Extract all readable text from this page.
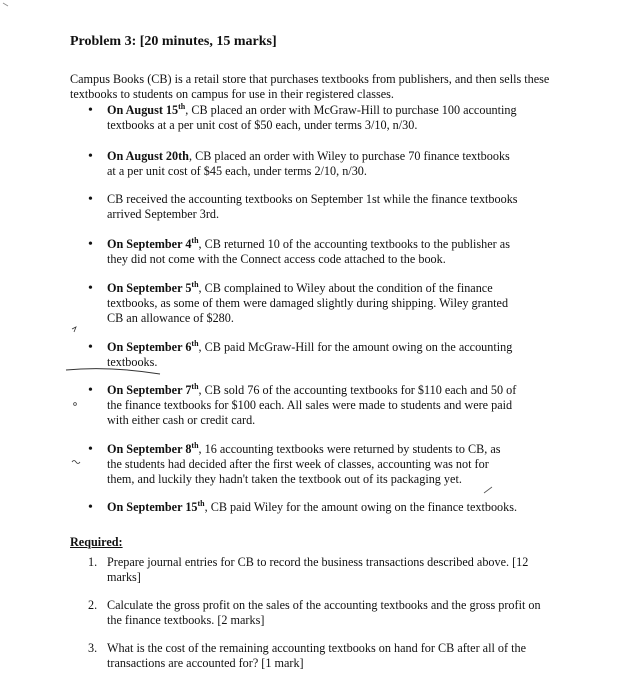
Problem 3: [20 minutes, 15 marks]
Campus Books (CB) is a retail store that purchases textbooks from publishers, and then sells these textbooks to students on campus for use in their registered classes.
• On August 15th, CB placed an order with McGraw-Hill to purchase 100 accounting textbooks at a per unit cost of $50 each, under terms 3/10, n/30.
• On August 20th, CB placed an order with Wiley to purchase 70 finance textbooks at a per unit cost of $45 each, under terms 2/10, n/30.
• CB received the accounting textbooks on September 1st while the finance textbooks arrived September 3rd.
• On September 4th, CB returned 10 of the accounting textbooks to the publisher as they did not come with the Connect access code attached to the book.
• On September 5th, CB complained to Wiley about the condition of the finance textbooks, as some of them were damaged slightly during shipping. Wiley granted CB an allowance of $280.
• On September 6th, CB paid McGraw-Hill for the amount owing on the accounting textbooks.
• On September 7th, CB sold 76 of the accounting textbooks for $110 each and 50 of the finance textbooks for $100 each. All sales were made to students and were paid with either cash or credit card.
• On September 8th, 16 accounting textbooks were returned by students to CB, as the students had decided after the first week of classes, accounting was not for them, and luckily they hadn't taken the textbook out of its packaging yet.
• On September 15th, CB paid Wiley for the amount owing on the finance textbooks.
Required:
1. Prepare journal entries for CB to record the business transactions described above. [12 marks]
2. Calculate the gross profit on the sales of the accounting textbooks and the gross profit on the finance textbooks. [2 marks]
3. What is the cost of the remaining accounting textbooks on hand for CB after all of the transactions are accounted for? [1 mark]
